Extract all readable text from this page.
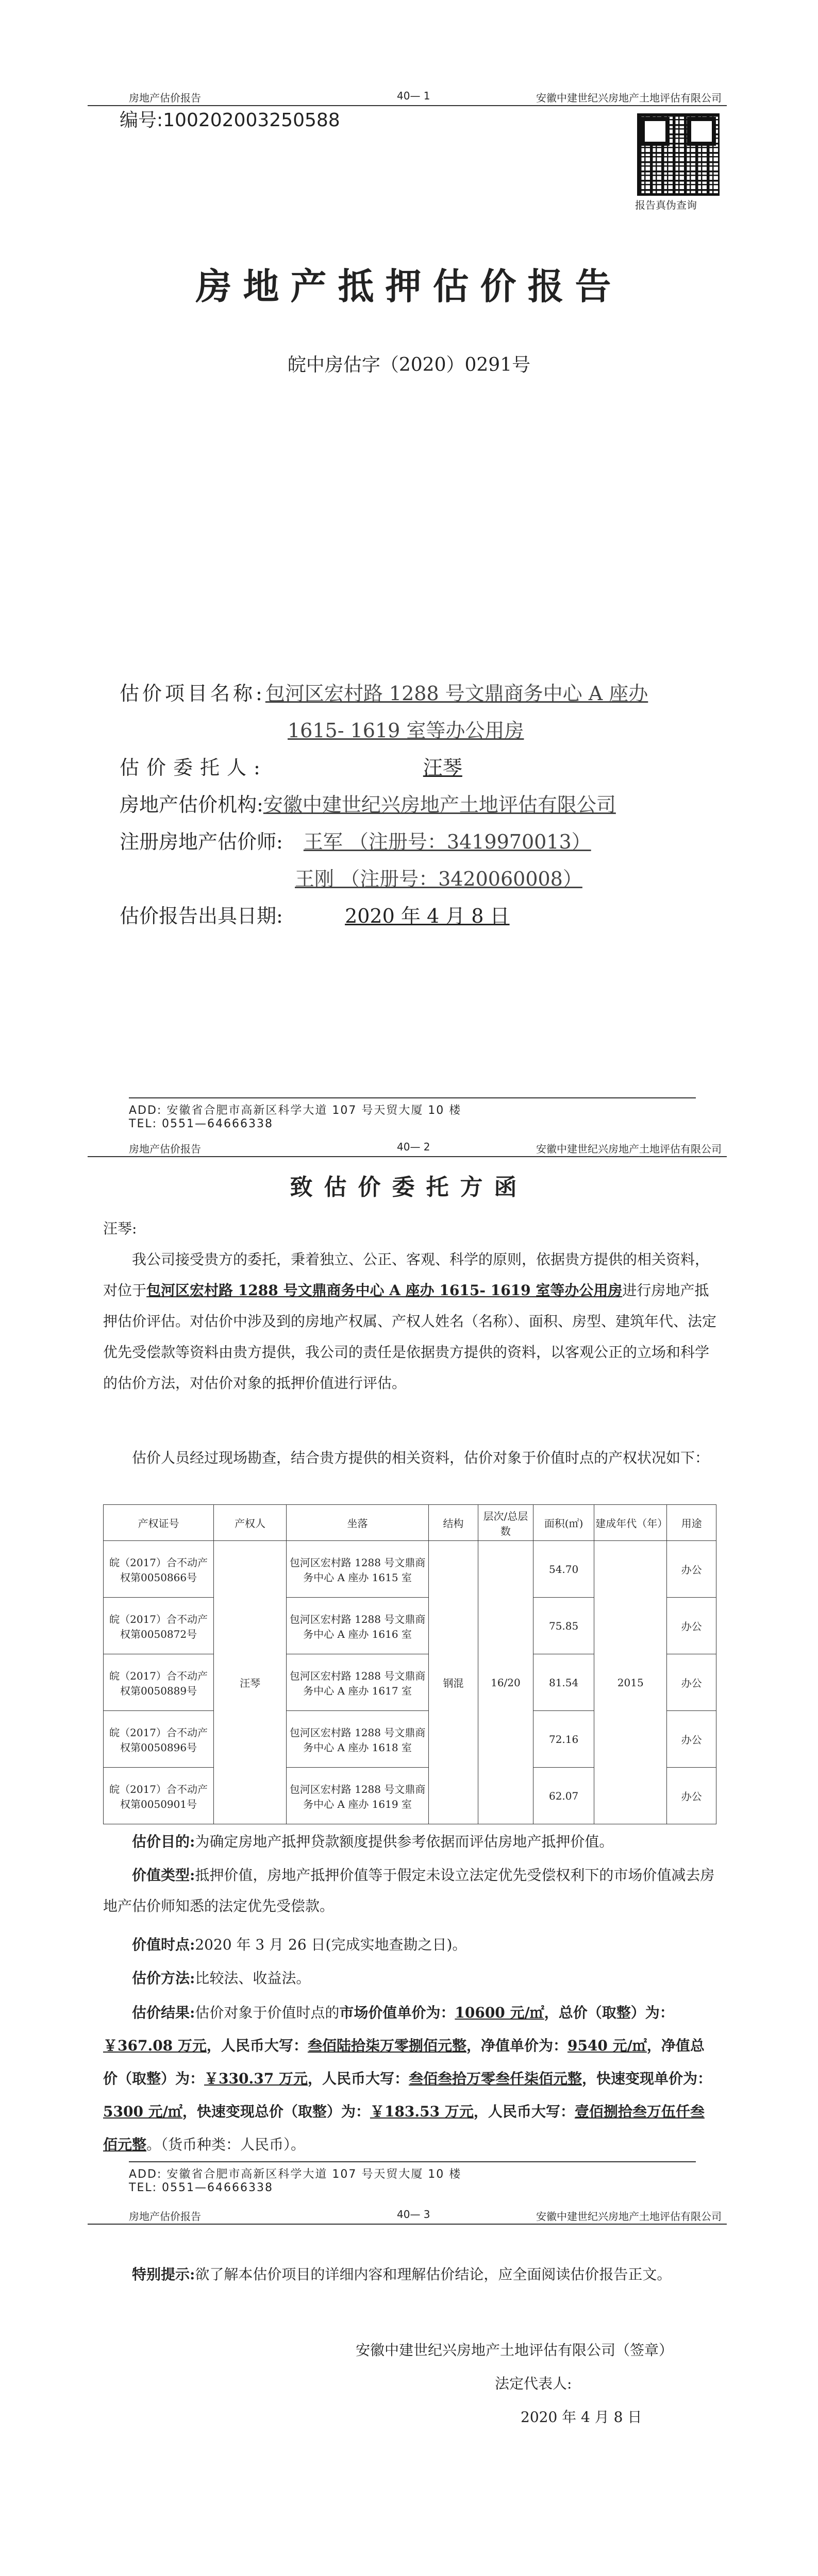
房地产估价报告	40— 1	安徽中建世纪兴房地产土地评估有限公司
编号:100202003250588
报告真伪查询
房地产抵押估价报告
皖中房估字（2020）0291号
估价项目名称:包河区宏村路 1288 号文鼎商务中心 A 座办
1615- 1619 室等办公用房
估价委托人:	汪琴
房地产估价机构:安徽中建世纪兴房地产土地评估有限公司
注册房地产估价师: 王军 （注册号：3419970013）
王刚 （注册号：3420060008）
估价报告出具日期:	2020 年 4 月 8 日
ADD: 安徽省合肥市高新区科学大道 107 号天贸大厦 10 楼
TEL: 0551—64666338
房地产估价报告	40— 2	安徽中建世纪兴房地产土地评估有限公司
致估价委托方函
汪琴:
我公司接受贵方的委托，秉着独立、公正、客观、科学的原则，依据贵方提供的相关资料，对位于包河区宏村路 1288 号文鼎商务中心 A 座办 1615- 1619 室等办公用房进行房地产抵押估价评估。对估价中涉及到的房地产权属、产权人姓名（名称）、面积、房型、建筑年代、法定优先受偿款等资料由贵方提供，我公司的责任是依据贵方提供的资料，以客观公正的立场和科学的估价方法，对估价对象的抵押价值进行评估。
估价人员经过现场勘查，结合贵方提供的相关资料，估价对象于价值时点的产权状况如下：
产权证号	产权人	坐落	结构	层次/总层数	面积(㎡)	建成年代（年）	用途
皖（2017）合不动产权第0050866号	汪琴	包河区宏村路 1288 号文鼎商务中心 A 座办 1615 室	钢混	16/20	54.70	2015	办公
皖（2017）合不动产权第0050872号		包河区宏村路 1288 号文鼎商务中心 A 座办 1616 室			75.85		办公
皖（2017）合不动产权第0050889号		包河区宏村路 1288 号文鼎商务中心 A 座办 1617 室			81.54		办公
皖（2017）合不动产权第0050896号		包河区宏村路 1288 号文鼎商务中心 A 座办 1618 室			72.16		办公
皖（2017）合不动产权第0050901号		包河区宏村路 1288 号文鼎商务中心 A 座办 1619 室			62.07		办公
估价目的:为确定房地产抵押贷款额度提供参考依据而评估房地产抵押价值。
价值类型:抵押价值，房地产抵押价值等于假定未设立法定优先受偿权利下的市场价值减去房地产估价师知悉的法定优先受偿款。
价值时点:2020 年 3 月 26 日(完成实地查勘之日)。
估价方法:比较法、收益法。
估价结果:估价对象于价值时点的市场价值单价为：10600 元/㎡，总价（取整）为：￥367.08 万元，人民币大写：叁佰陆拾柒万零捌佰元整，净值单价为：9540 元/㎡，净值总价（取整）为：￥330.37 万元，人民币大写：叁佰叁拾万零叁仟柒佰元整，快速变现单价为：5300 元/㎡，快速变现总价（取整）为：￥183.53 万元，人民币大写：壹佰捌拾叁万伍仟叁佰元整。（货币种类：人民币）。
ADD: 安徽省合肥市高新区科学大道 107 号天贸大厦 10 楼
TEL: 0551—64666338
房地产估价报告	40— 3	安徽中建世纪兴房地产土地评估有限公司
特别提示:欲了解本估价项目的详细内容和理解估价结论，应全面阅读估价报告正文。
安徽中建世纪兴房地产土地评估有限公司（签章）
法定代表人:
2020 年 4 月 8 日
